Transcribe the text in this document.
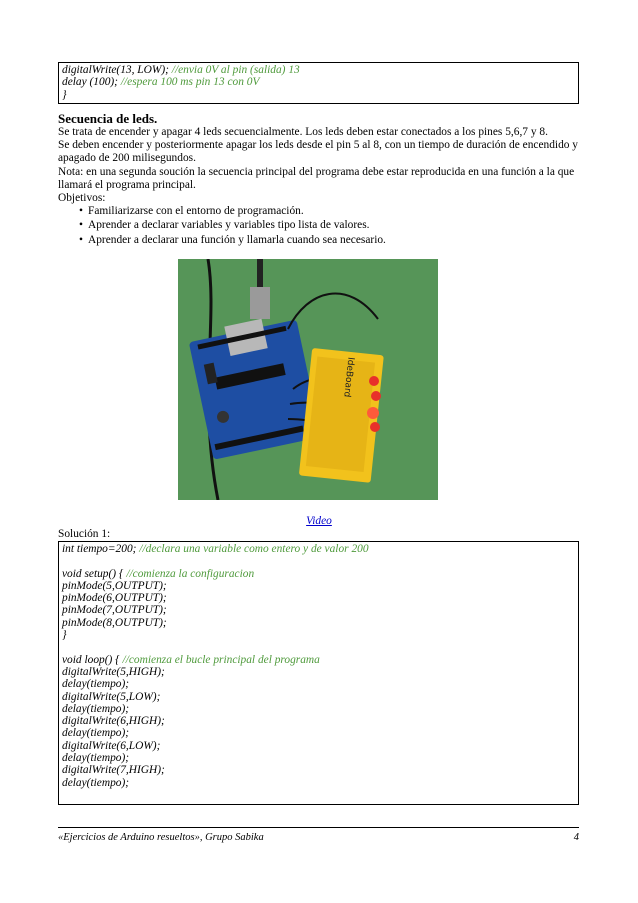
digitalWrite(13, LOW); //envia 0V al pin (salida) 13
delay (100); //espera 100 ms pin 13 con 0V
}
Secuencia de leds.

Se trata de encender y apagar 4 leds secuencialmente. Los leds deben estar conectados a los pines 5,6,7 y 8.

Se deben encender y posteriormente apagar los leds desde el pin 5 al 8, con un tiempo de duración de encendido y apagado de 200 milisegundos.

Nota: en una segunda soución la secuencia principal del programa debe estar reproducida en una función a la que llamará el programa principal.

Objetivos:

• Familiarizarse con el entorno de programación.
• Aprender a declarar variables y variables tipo lista de valores.
• Aprender a declarar una función y llamarla cuando sea necesario.
IdeBoard
Video
Solución 1:
int tiempo=200; //declara una variable como entero y de valor 200
void setup() { //comienza la configuracion
pinMode(5,OUTPUT);
pinMode(6,OUTPUT);
pinMode(7,OUTPUT);
pinMode(8,OUTPUT);
}
void loop() { //comienza el bucle principal del programa
digitalWrite(5,HIGH);
delay(tiempo);
digitalWrite(5,LOW);
delay(tiempo);
digitalWrite(6,HIGH);
delay(tiempo);
digitalWrite(6,LOW);
delay(tiempo);
digitalWrite(7,HIGH);
delay(tiempo);
«Ejercicios de Arduino resueltos», Grupo Sabika	4
